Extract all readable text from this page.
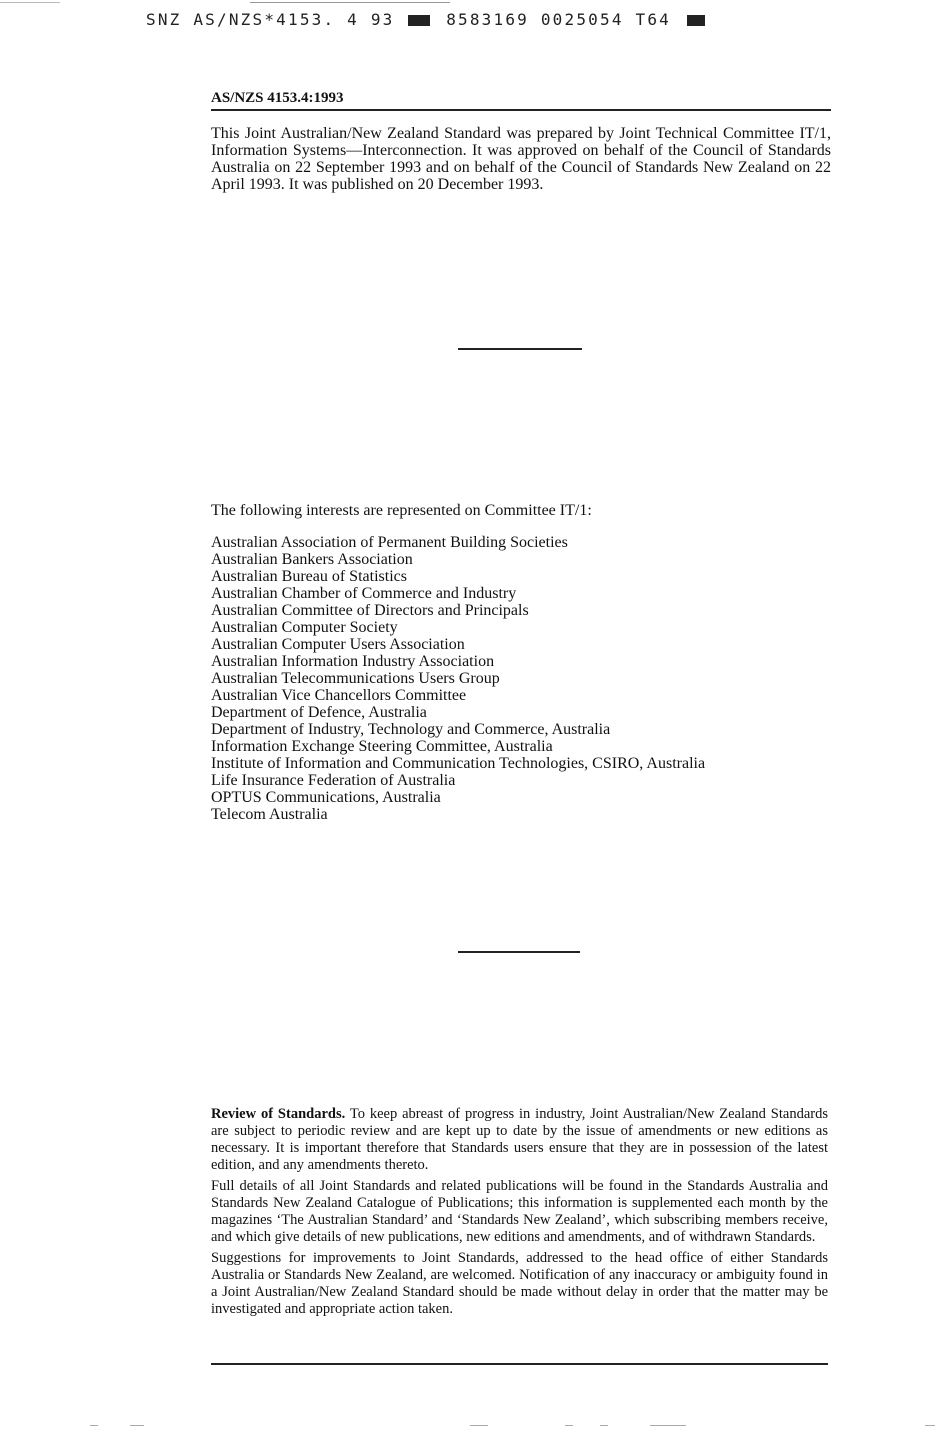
SNZ AS/NZS*4153. 4 93	8583169 0025054 T64
AS/NZS 4153.4:1993

This Joint Australian/New Zealand Standard was prepared by Joint Technical Committee IT/1, Information Systems—Interconnection. It was approved on behalf of the Council of Standards Australia on 22 September 1993 and on behalf of the Council of Standards New Zealand on 22 April 1993. It was published on 20 December 1993.

The following interests are represented on Committee IT/1:

Australian Association of Permanent Building Societies
Australian Bankers Association
Australian Bureau of Statistics
Australian Chamber of Commerce and Industry
Australian Committee of Directors and Principals
Australian Computer Society
Australian Computer Users Association
Australian Information Industry Association
Australian Telecommunications Users Group
Australian Vice Chancellors Committee
Department of Defence, Australia
Department of Industry, Technology and Commerce, Australia
Information Exchange Steering Committee, Australia
Institute of Information and Communication Technologies, CSIRO, Australia
Life Insurance Federation of Australia
OPTUS Communications, Australia
Telecom Australia

Review of Standards. To keep abreast of progress in industry, Joint Australian/New Zealand Standards are subject to periodic review and are kept up to date by the issue of amendments or new editions as necessary. It is important therefore that Standards users ensure that they are in possession of the latest edition, and any amendments thereto.

Full details of all Joint Standards and related publications will be found in the Standards Australia and Standards New Zealand Catalogue of Publications; this information is supplemented each month by the magazines ‘The Australian Standard’ and ‘Standards New Zealand’, which subscribing members receive, and which give details of new publications, new editions and amendments, and of withdrawn Standards.

Suggestions for improvements to Joint Standards, addressed to the head office of either Standards Australia or Standards New Zealand, are welcomed. Notification of any inaccuracy or ambiguity found in a Joint Australian/New Zealand Standard should be made without delay in order that the matter may be investigated and appropriate action taken.
